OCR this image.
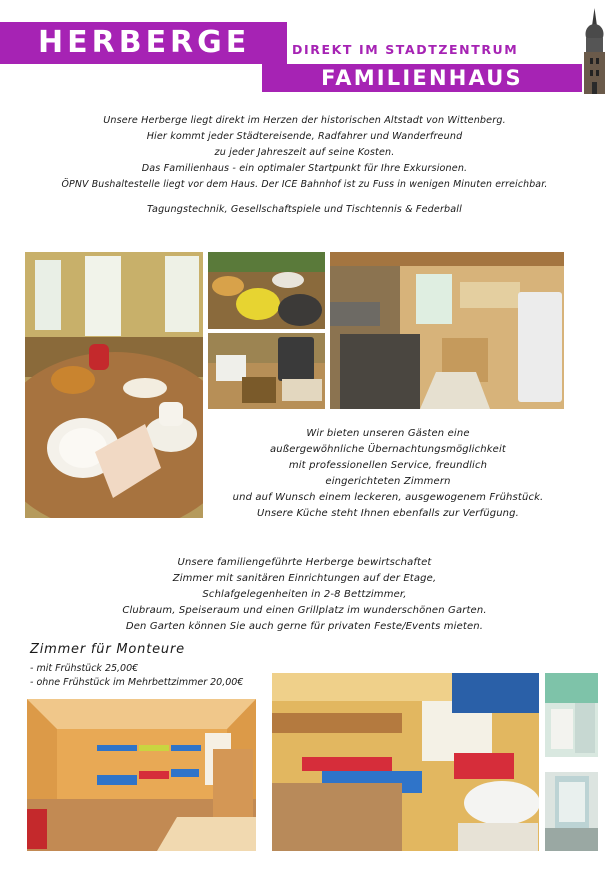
HERBERGE	DIREKT IM STADTZENTRUM
FAMILIENHAUS
Unsere Herberge liegt direkt im Herzen der historischen Altstadt von Wittenberg.
Hier kommt jeder Städtereisende, Radfahrer und Wanderfreund
zu jeder Jahreszeit auf seine Kosten.
Das Familienhaus - ein optimaler Startpunkt für Ihre Exkursionen.
ÖPNV Bushaltestelle liegt vor dem Haus. Der ICE Bahnhof ist zu Fuss in wenigen Minuten erreichbar.
Tagungstechnik, Gesellschaftspiele und Tischtennis & Federball
Wir bieten unseren Gästen eine
außergewöhnliche Übernachtungsmöglichkeit
mit professionellen Service, freundlich
eingerichteten Zimmern
und auf Wunsch einem leckeren, ausgewogenem Frühstück.
Unsere Küche steht Ihnen ebenfalls zur Verfügung.
Unsere familiengeführte Herberge bewirtschaftet
Zimmer mit sanitären Einrichtungen auf der Etage,
Schlafgelegenheiten in 2-8 Bettzimmer,
Clubraum, Speiseraum und einen Grillplatz im wunderschönen Garten.
Den Garten können Sie auch gerne für privaten Feste/Events mieten.
Zimmer für Monteure
- mit Frühstück 25,00€
- ohne Frühstück im Mehrbettzimmer 20,00€
